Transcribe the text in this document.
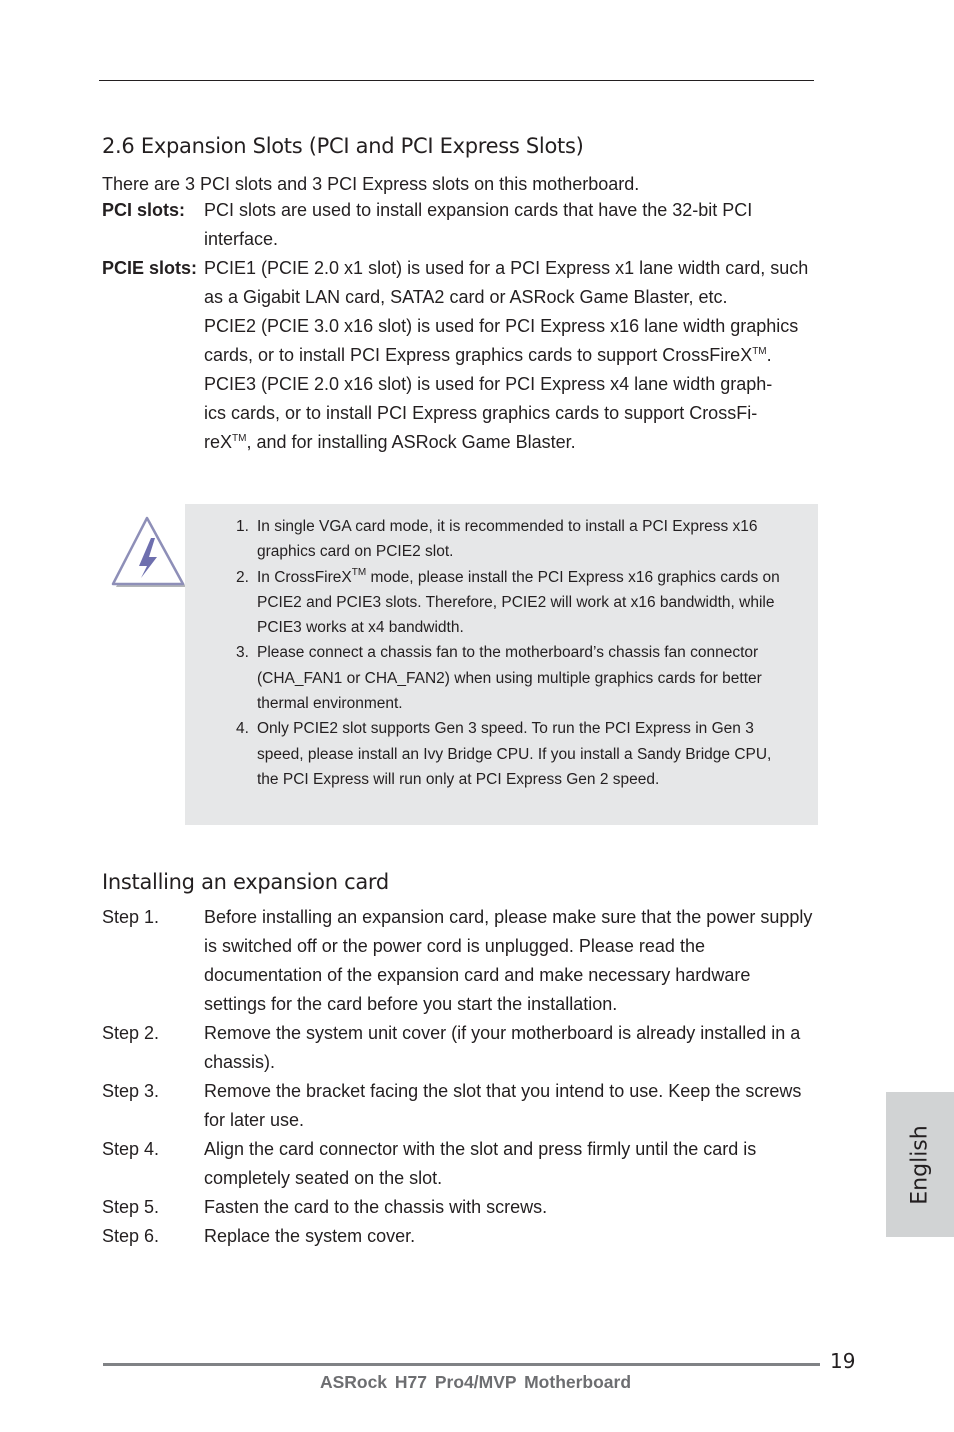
2.6 Expansion Slots (PCI and PCI Express Slots)

There are 3 PCI slots and 3 PCI Express slots on this motherboard.

PCI slots: PCI slots are used to install expansion cards that have the 32-bit PCI interface.

PCIE slots: PCIE1 (PCIE 2.0 x1 slot) is used for a PCI Express x1 lane width card, such as a Gigabit LAN card, SATA2 card or ASRock Game Blaster, etc.

PCIE2 (PCIE 3.0 x16 slot) is used for PCI Express x16 lane width graphics cards, or to install PCI Express graphics cards to support CrossFireX™.

PCIE3 (PCIE 2.0 x16 slot) is used for PCI Express x4 lane width graph-ics cards, or to install PCI Express graphics cards to support CrossFi-reX™, and for installing ASRock Game Blaster.

1. In single VGA card mode, it is recommended to install a PCI Express x16 graphics card on PCIE2 slot.
2. In CrossFireX™ mode, please install the PCI Express x16 graphics cards on PCIE2 and PCIE3 slots. Therefore, PCIE2 will work at x16 bandwidth, while PCIE3 works at x4 bandwidth.
3. Please connect a chassis fan to the motherboard’s chassis fan connector (CHA_FAN1 or CHA_FAN2) when using multiple graphics cards for better thermal environment.
4. Only PCIE2 slot supports Gen 3 speed. To run the PCI Express in Gen 3 speed, please install an Ivy Bridge CPU. If you install a Sandy Bridge CPU, the PCI Express will run only at PCI Express Gen 2 speed.
Installing an expansion card
Step 1. Before installing an expansion card, please make sure that the power supply is switched off or the power cord is unplugged. Please read the documentation of the expansion card and make necessary hardware settings for the card before you start the installation.
Step 2. Remove the system unit cover (if your motherboard is already installed in a chassis).
Step 3. Remove the bracket facing the slot that you intend to use. Keep the screws for later use.
Step 4. Align the card connector with the slot and press firmly until the card is completely seated on the slot.
Step 5. Fasten the card to the chassis with screws.
Step 6. Replace the system cover.
English
19
ASRock H77 Pro4/MVP Motherboard
